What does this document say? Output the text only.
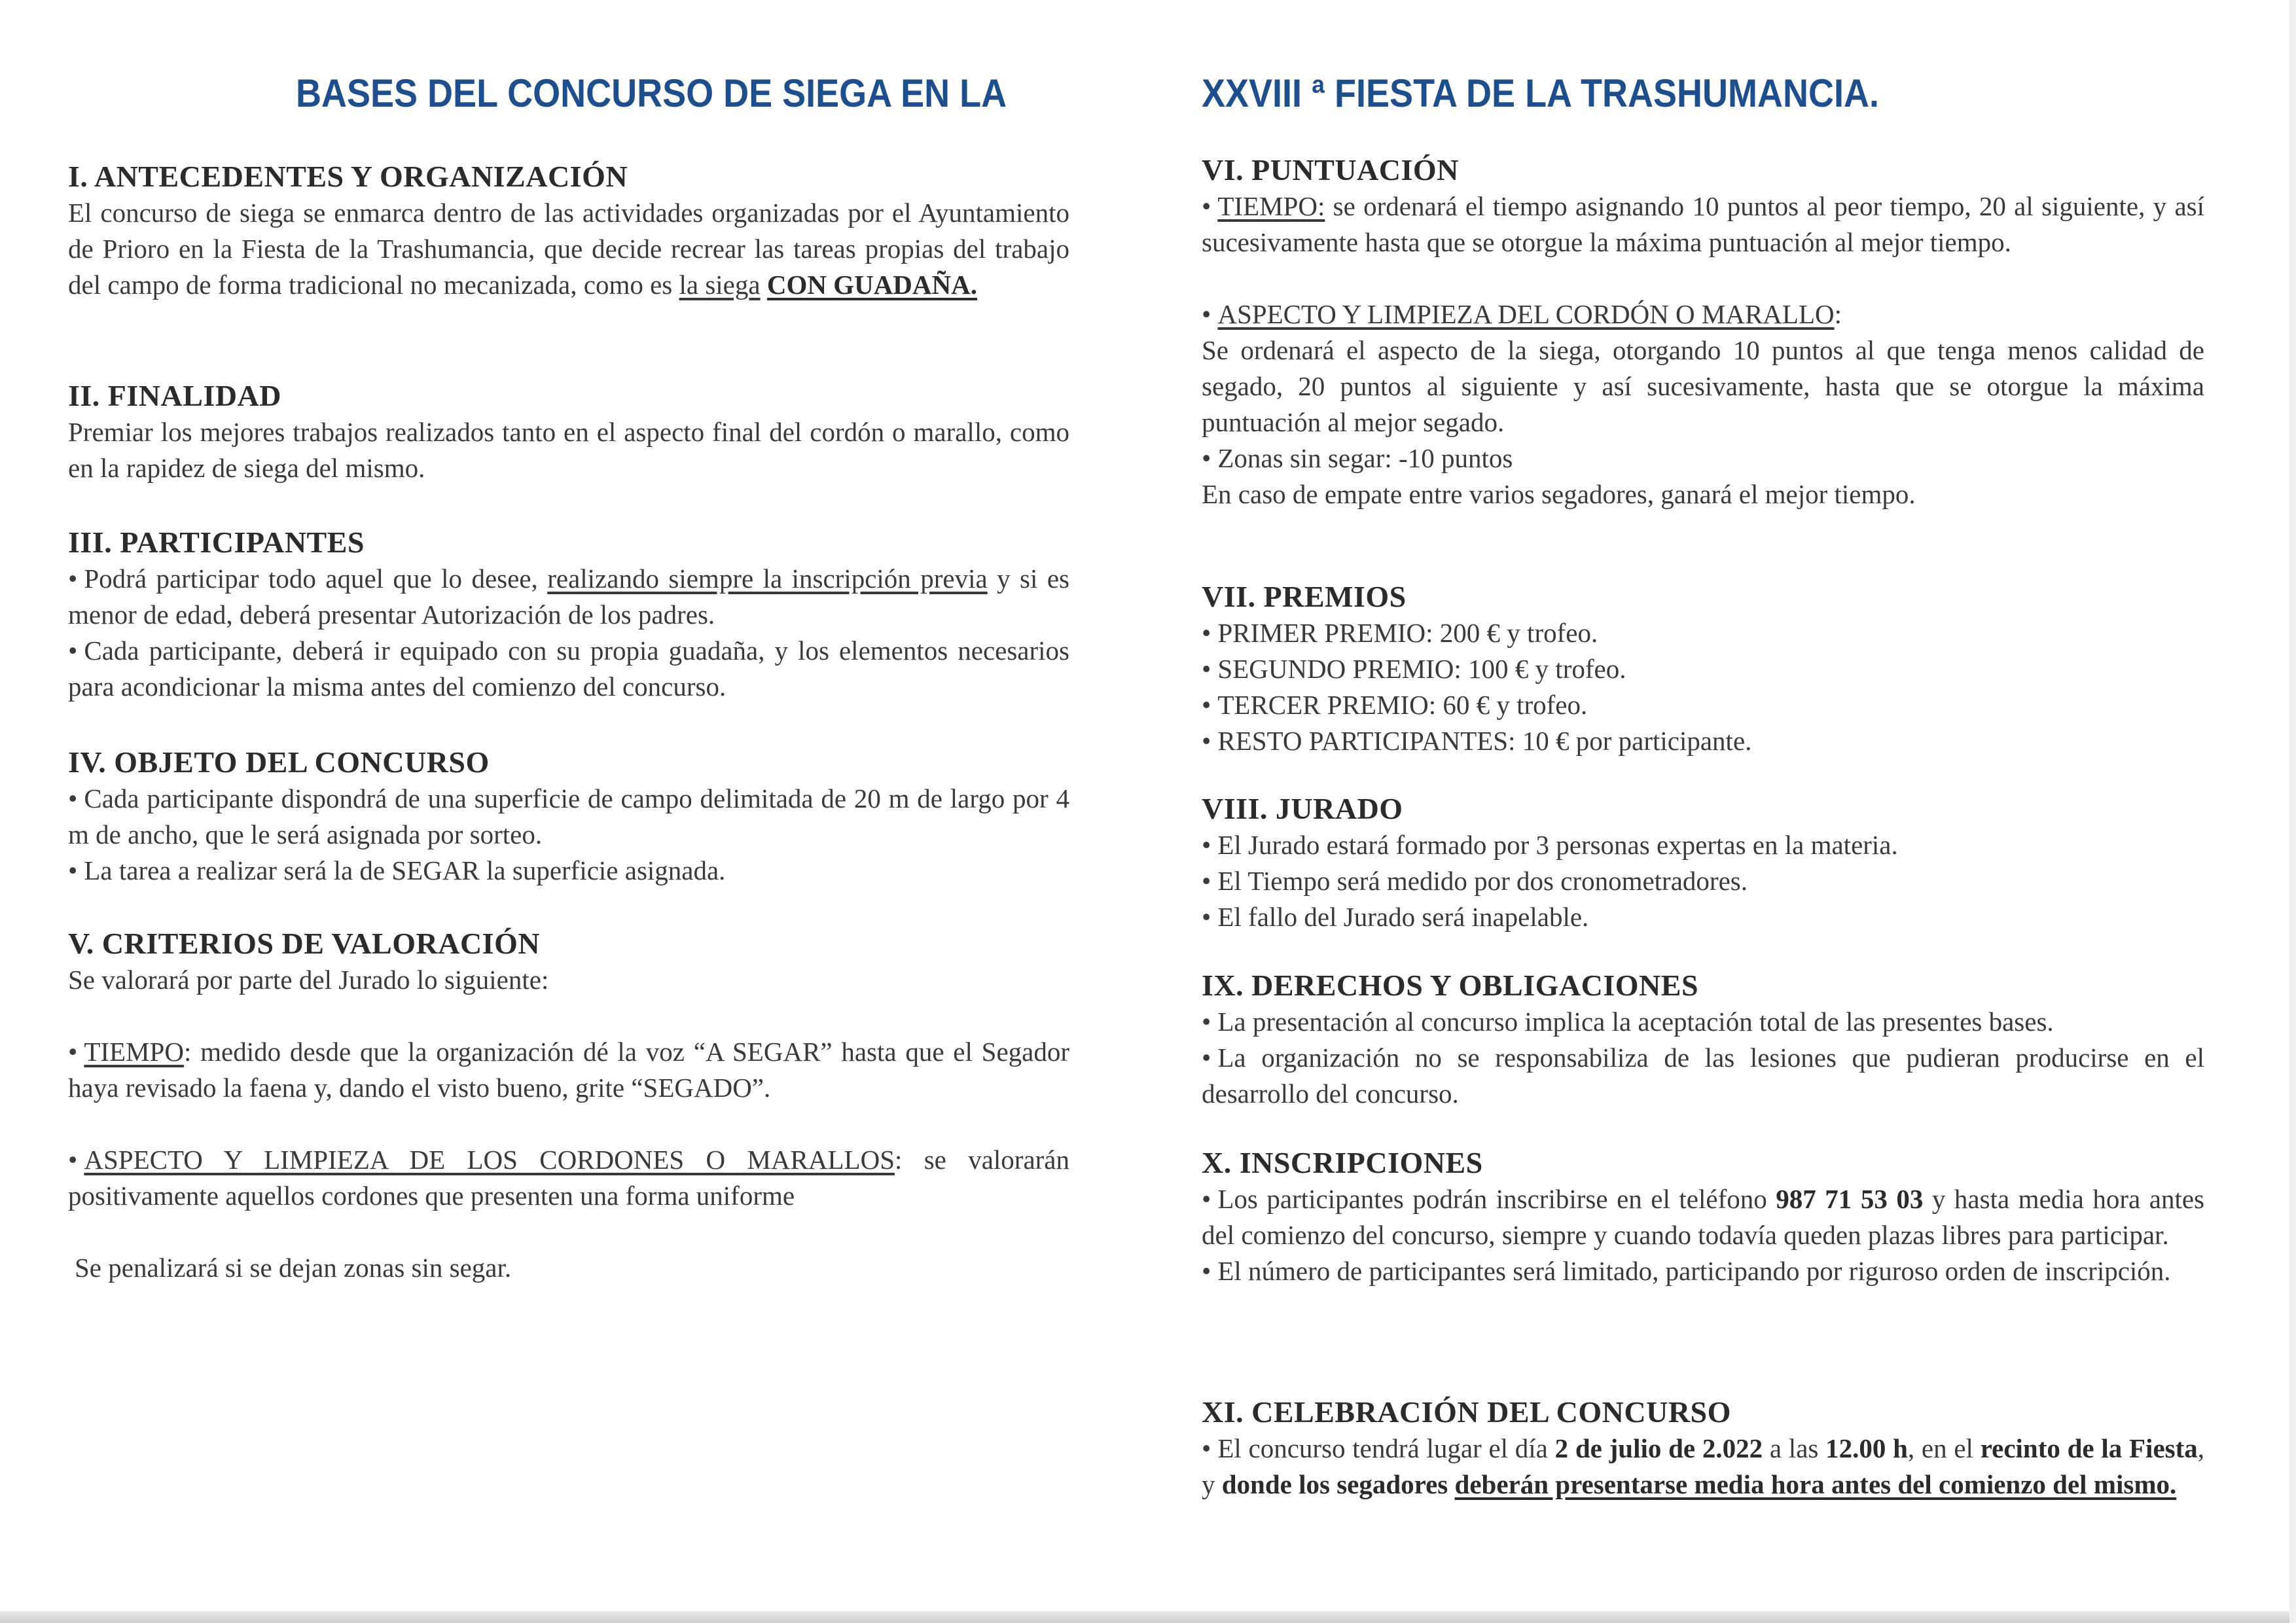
BASES DEL CONCURSO DE SIEGA EN LA	XXVIII ª FIESTA DE LA TRASHUMANCIA.
I. ANTECEDENTES Y ORGANIZACIÓN

El concurso de siega se enmarca dentro de las actividades organizadas por el Ayuntamiento de Prioro en la Fiesta de la Trashumancia, que decide recrear las tareas propias del trabajo del campo de forma tradicional no mecanizada, como es la siega CON GUADAÑA.

II. FINALIDAD

Premiar los mejores trabajos realizados tanto en el aspecto final del cordón o marallo, como en la rapidez de siega del mismo.

III. PARTICIPANTES

• Podrá participar todo aquel que lo desee, realizando siempre la inscripción previa y si es menor de edad, deberá presentar Autorización de los padres.

• Cada participante, deberá ir equipado con su propia guadaña, y los elementos necesarios para acondicionar la misma antes del comienzo del concurso.

IV. OBJETO DEL CONCURSO

• Cada participante dispondrá de una superficie de campo delimitada de 20 m de largo por 4 m de ancho, que le será asignada por sorteo.

• La tarea a realizar será la de SEGAR la superficie asignada.

V. CRITERIOS DE VALORACIÓN

Se valorará por parte del Jurado lo siguiente:

• TIEMPO: medido desde que la organización dé la voz “A SEGAR” hasta que el Segador haya revisado la faena y, dando el visto bueno, grite “SEGADO”.

• ASPECTO Y LIMPIEZA DE LOS CORDONES O MARALLOS: se valorarán positivamente aquellos cordones que presenten una forma uniforme

Se penalizará si se dejan zonas sin segar.

VI. PUNTUACIÓN

• TIEMPO: se ordenará el tiempo asignando 10 puntos al peor tiempo, 20 al siguiente, y así sucesivamente hasta que se otorgue la máxima puntuación al mejor tiempo.

• ASPECTO Y LIMPIEZA DEL CORDÓN O MARALLO:

Se ordenará el aspecto de la siega, otorgando 10 puntos al que tenga menos calidad de segado, 20 puntos al siguiente y así sucesivamente, hasta que se otorgue la máxima puntuación al mejor segado.

• Zonas sin segar: -10 puntos

En caso de empate entre varios segadores, ganará el mejor tiempo.

VII. PREMIOS

• PRIMER PREMIO: 200 € y trofeo.

• SEGUNDO PREMIO: 100 € y trofeo.

• TERCER PREMIO: 60 € y trofeo.

• RESTO PARTICIPANTES: 10 € por participante.

VIII. JURADO

• El Jurado estará formado por 3 personas expertas en la materia.

• El Tiempo será medido por dos cronometradores.

• El fallo del Jurado será inapelable.

IX. DERECHOS Y OBLIGACIONES

• La presentación al concurso implica la aceptación total de las presentes bases.

• La organización no se responsabiliza de las lesiones que pudieran producirse en el desarrollo del concurso.

X. INSCRIPCIONES

• Los participantes podrán inscribirse en el teléfono 987 71 53 03 y hasta media hora antes del comienzo del concurso, siempre y cuando todavía queden plazas libres para participar.

• El número de participantes será limitado, participando por riguroso orden de inscripción.

XI. CELEBRACIÓN DEL CONCURSO

• El concurso tendrá lugar el día 2 de julio de 2.022 a las 12.00 h, en el recinto de la Fiesta, y donde los segadores deberán presentarse media hora antes del comienzo del mismo.
